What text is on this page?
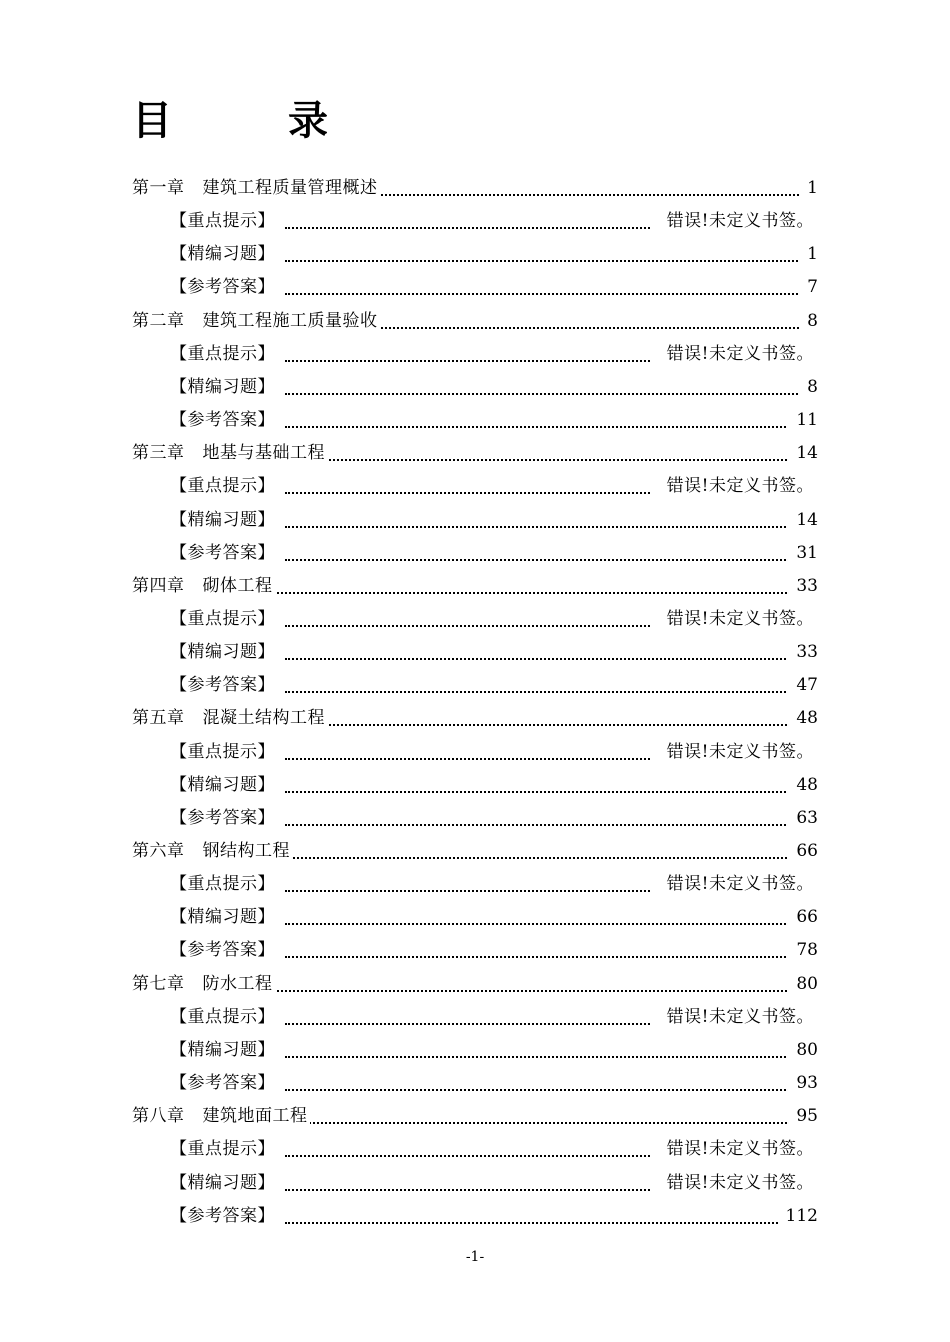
目　录
第一章 建筑工程质量管理概述	1
【重点提示】	错误!未定义书签。
【精编习题】	1
【参考答案】	7
第二章 建筑工程施工质量验收	8
【重点提示】	错误!未定义书签。
【精编习题】	8
【参考答案】	11
第三章 地基与基础工程	14
【重点提示】	错误!未定义书签。
【精编习题】	14
【参考答案】	31
第四章 砌体工程	33
【重点提示】	错误!未定义书签。
【精编习题】	33
【参考答案】	47
第五章 混凝土结构工程	48
【重点提示】	错误!未定义书签。
【精编习题】	48
【参考答案】	63
第六章 钢结构工程	66
【重点提示】	错误!未定义书签。
【精编习题】	66
【参考答案】	78
第七章 防水工程	80
【重点提示】	错误!未定义书签。
【精编习题】	80
【参考答案】	93
第八章 建筑地面工程	95
【重点提示】	错误!未定义书签。
【精编习题】	错误!未定义书签。
【参考答案】	112
-1-
